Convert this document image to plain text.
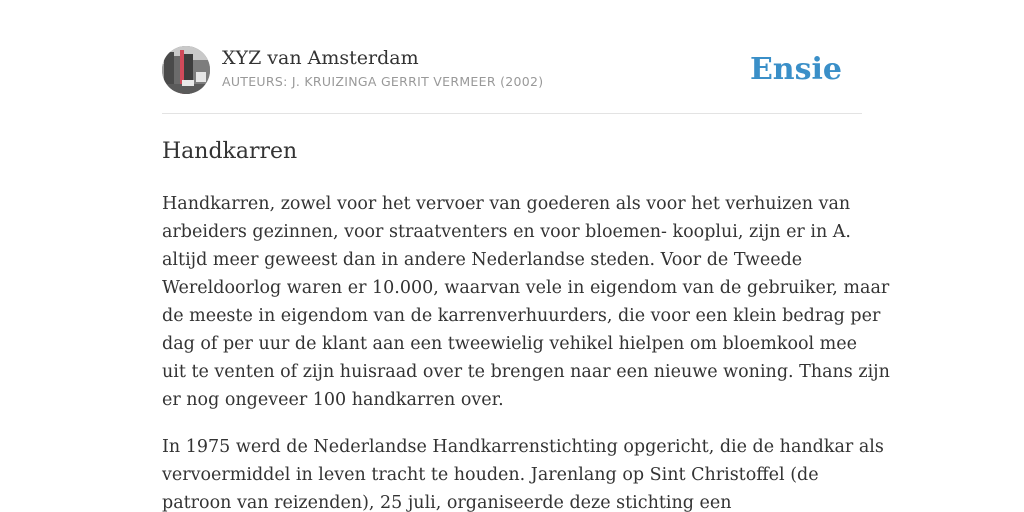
XYZ van Amsterdam
AUTEURS: J. KRUIZINGA GERRIT VERMEER (2002)	Ensie
Handkarren

Handkarren, zowel voor het vervoer van goederen als voor het verhuizen van
arbeiders gezinnen, voor straatventers en voor bloemen- kooplui, zijn er in A.
altijd meer geweest dan in andere Nederlandse steden. Voor de Tweede
Wereldoorlog waren er 10.000, waarvan vele in eigendom van de gebruiker, maar
de meeste in eigendom van de karrenverhuurders, die voor een klein bedrag per
dag of per uur de klant aan een tweewielig vehikel hielpen om bloemkool mee
uit te venten of zijn huisraad over te brengen naar een nieuwe woning. Thans zijn
er nog ongeveer 100 handkarren over.

In 1975 werd de Nederlandse Handkarrenstichting opgericht, die de handkar als
vervoermiddel in leven tracht te houden. Jarenlang op Sint Christoffel (de
patroon van reizenden), 25 juli, organiseerde deze stichting een
